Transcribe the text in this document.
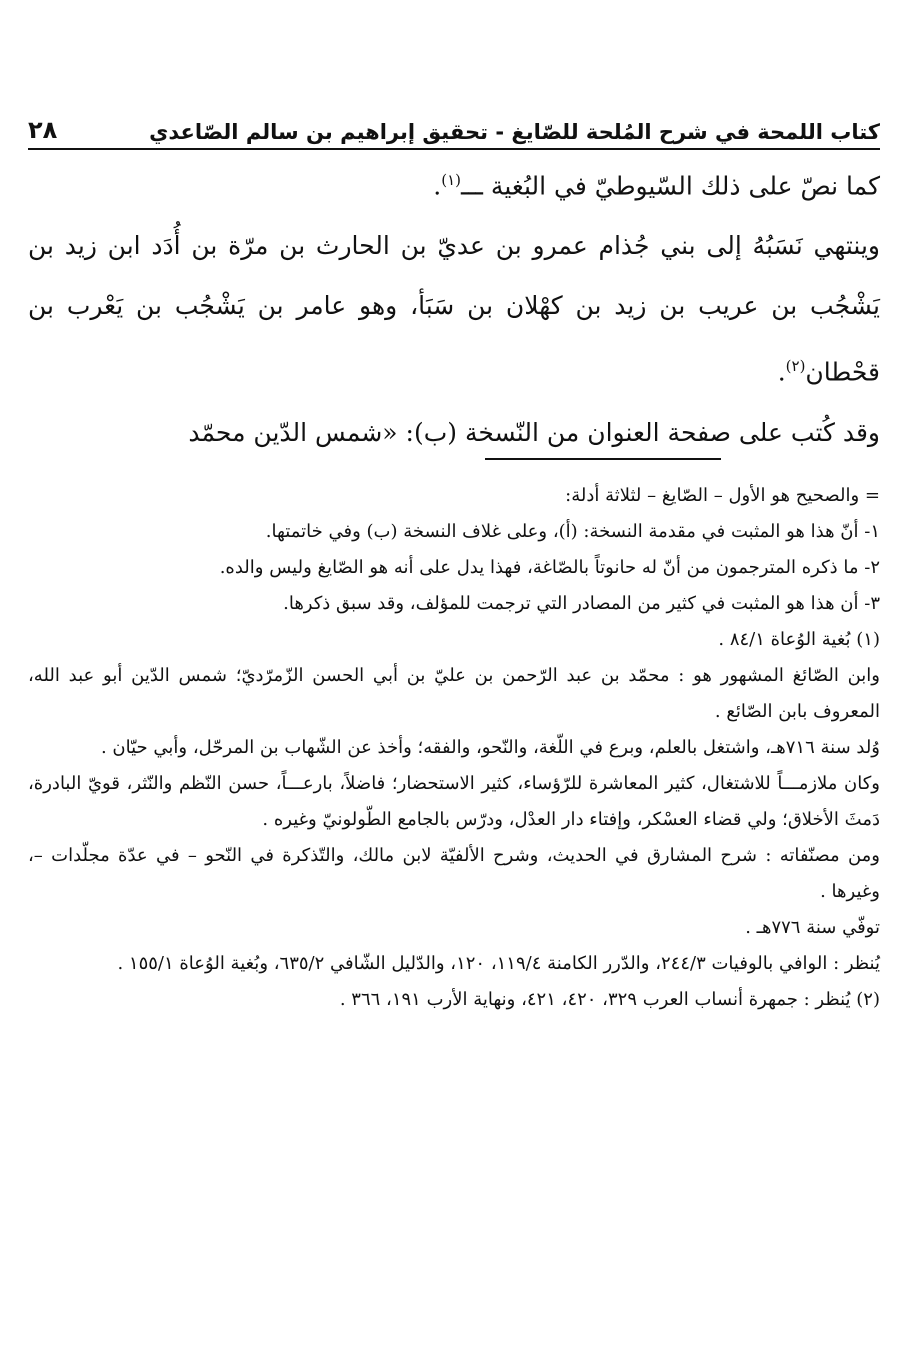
كتاب اللمحة في شرح المُلحة للصّايغ - تحقيق إبراهيم بن سالم الصّاعدي
٢٨

كما نصّ على ذلك السّيوطيّ في البُغية ـــ$^{(١)}$.

وينتهي نَسَبُهُ إلى بني جُذام عمرو بن عديّ بن الحارث بن مرّة بن أُدَد ابن زيد بن يَشْجُب بن عريب بن زيد بن كهْلان بن سَبَأ، وهو عامر بن يَشْجُب بن يَعْرب بن قحْطان$^{(٢)}$.

وقد كُتب على صفحة العنوان من النّسخة (ب): «شمس الدّين محمّد

= والصحيح هو الأول – الصّايغ – لثلاثة أدلة:

١- أنّ هذا هو المثبت في مقدمة النسخة: (أ)، وعلى غلاف النسخة (ب) وفي خاتمتها.

٢- ما ذكره المترجمون من أنّ له حانوتاً بالصّاغة، فهذا يدل على أنه هو الصّايغ وليس والده.

٣- أن هذا هو المثبت في كثير من المصادر التي ترجمت للمؤلف، وقد سبق ذكرها.

(١) بُغية الوُعاة ٨٤/١ .

وابن الصّائغ المشهور هو : محمّد بن عبد الرّحمن بن عليّ بن أبي الحسن الزّمرّديّ؛ شمس الدّين أبو عبد الله، المعروف بابن الصّائع .

وُلد سنة ٧١٦هـ، واشتغل بالعلم، وبرع في اللّغة، والنّحو، والفقه؛ وأخذ عن الشّهاب بن المرحّل، وأبي حيّان .

وكان ملازمـــاً للاشتغال، كثير المعاشرة للرّؤساء، كثير الاستحضار؛ فاضلاً، بارعـــاً، حسن النّظم والنّثر، قويّ البادرة، دَمثَ الأخلاق؛ ولي قضاء العسْكر، وإفتاء دار العدْل، ودرّس بالجامع الطّولونيّ وغيره .

ومن مصنّفاته : شرح المشارق في الحديث، وشرح الألفيّة لابن مالك، والتّذكرة في النّحو – في عدّة مجلّدات –، وغيرها .

توفّي سنة ٧٧٦هـ .

يُنظر : الوافي بالوفيات ٢٤٤/٣، والدّرر الكامنة ١١٩/٤، ١٢٠، والدّليل الشّافي ٦٣٥/٢، وبُغية الوُعاة ١٥٥/١ .

(٢) يُنظر : جمهرة أنساب العرب ٣٢٩، ٤٢٠، ٤٢١، ونهاية الأرب ١٩١، ٣٦٦ .
